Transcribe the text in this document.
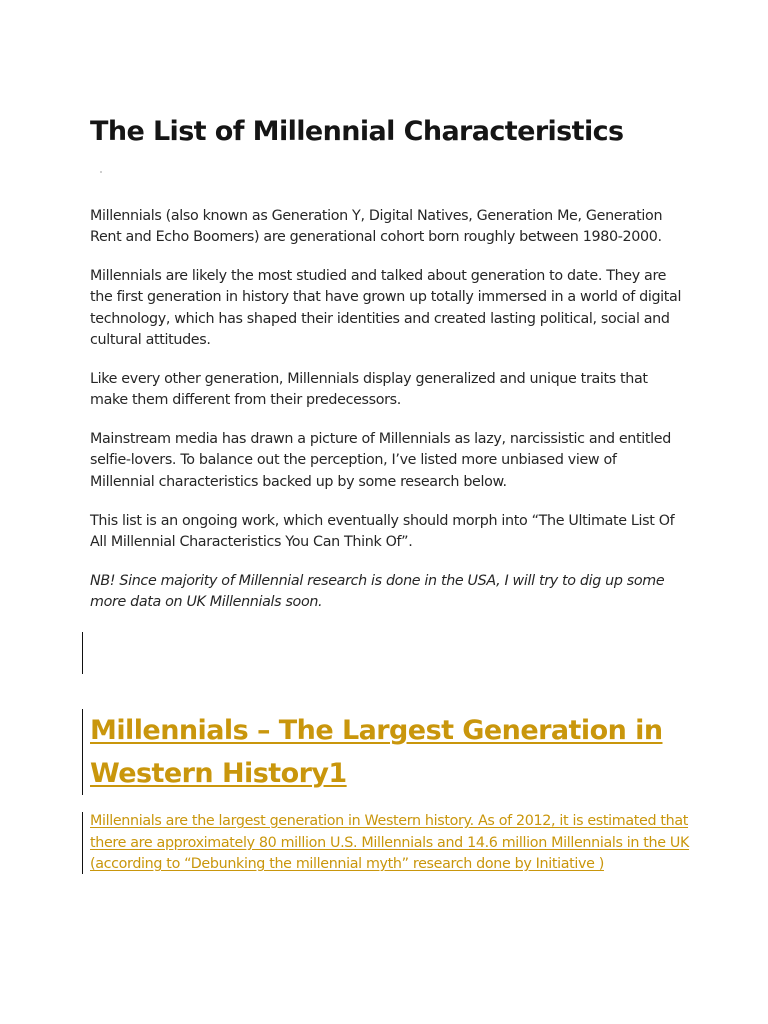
The List of Millennial Characteristics

Millennials (also known as Generation Y, Digital Natives, Generation Me, Generation Rent and Echo Boomers) are generational cohort born roughly between 1980-2000.

Millennials are likely the most studied and talked about generation to date. They are the first generation in history that have grown up totally immersed in a world of digital technology, which has shaped their identities and created lasting political, social and cultural attitudes.

Like every other generation, Millennials display generalized and unique traits that make them different from their predecessors.

Mainstream media has drawn a picture of Millennials as lazy, narcissistic and entitled selfie-lovers. To balance out the perception, I’ve listed more unbiased view of Millennial characteristics backed up by some research below.

This list is an ongoing work, which eventually should morph into “The Ultimate List Of All Millennial Characteristics You Can Think Of”.

NB! Since majority of Millennial research is done in the USA, I will try to dig up some more data on UK Millennials soon.

Millennials – The Largest Generation in Western History1

Millennials are the largest generation in Western history. As of 2012, it is estimated that there are approximately 80 million U.S. Millennials and 14.6 million Millennials in the UK (according to “Debunking the millennial myth” research done by Initiative )
